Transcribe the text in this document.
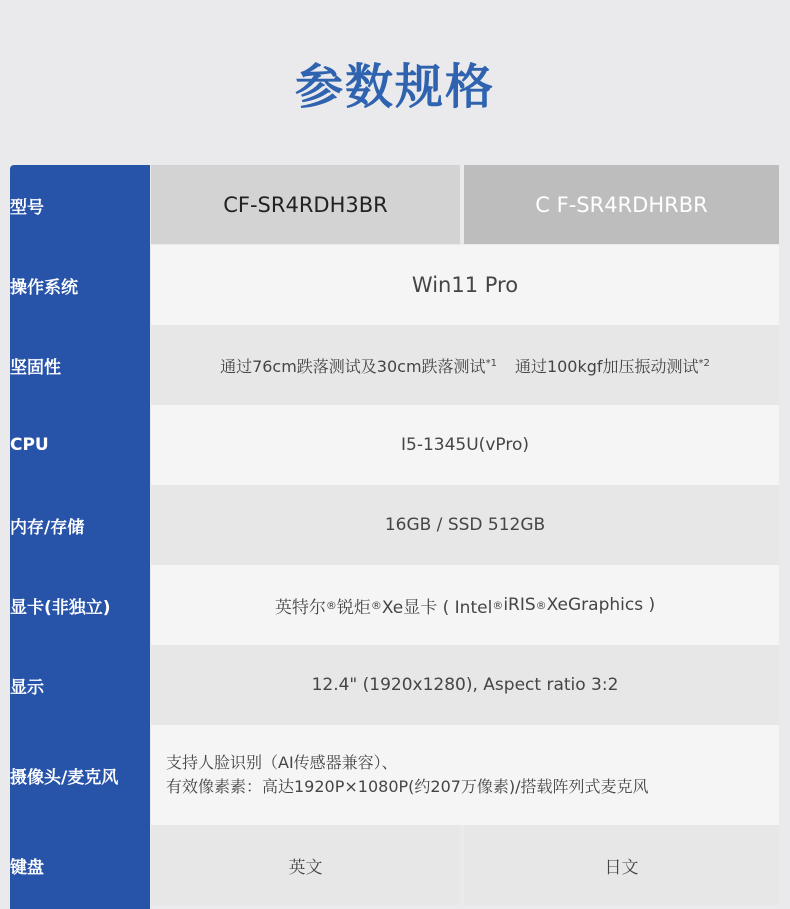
参数规格
型号
操作系统
坚固性
CPU
内存/存储
显卡(非独立)
显示
摄像头/麦克风
键盘
CF-SR4RDH3BR	C F-SR4RDHRBR
Win11 Pro
通过76cm跌落测试及30cm跌落测试 *1 通过100kgf加压振动测试 *2
I5-1345U(vPro)
16GB / SSD 512GB
英特尔 ® 锐炬 ® Xe显卡 ( Intel ® iRIS ® XeGraphics )
12.4" (1920x1280), Aspect ratio 3:2
支持人脸识别（AI传感器兼容）、
有效像素素：高达1920P×1080P(约207万像素)/搭载阵列式麦克风
英文	日文
